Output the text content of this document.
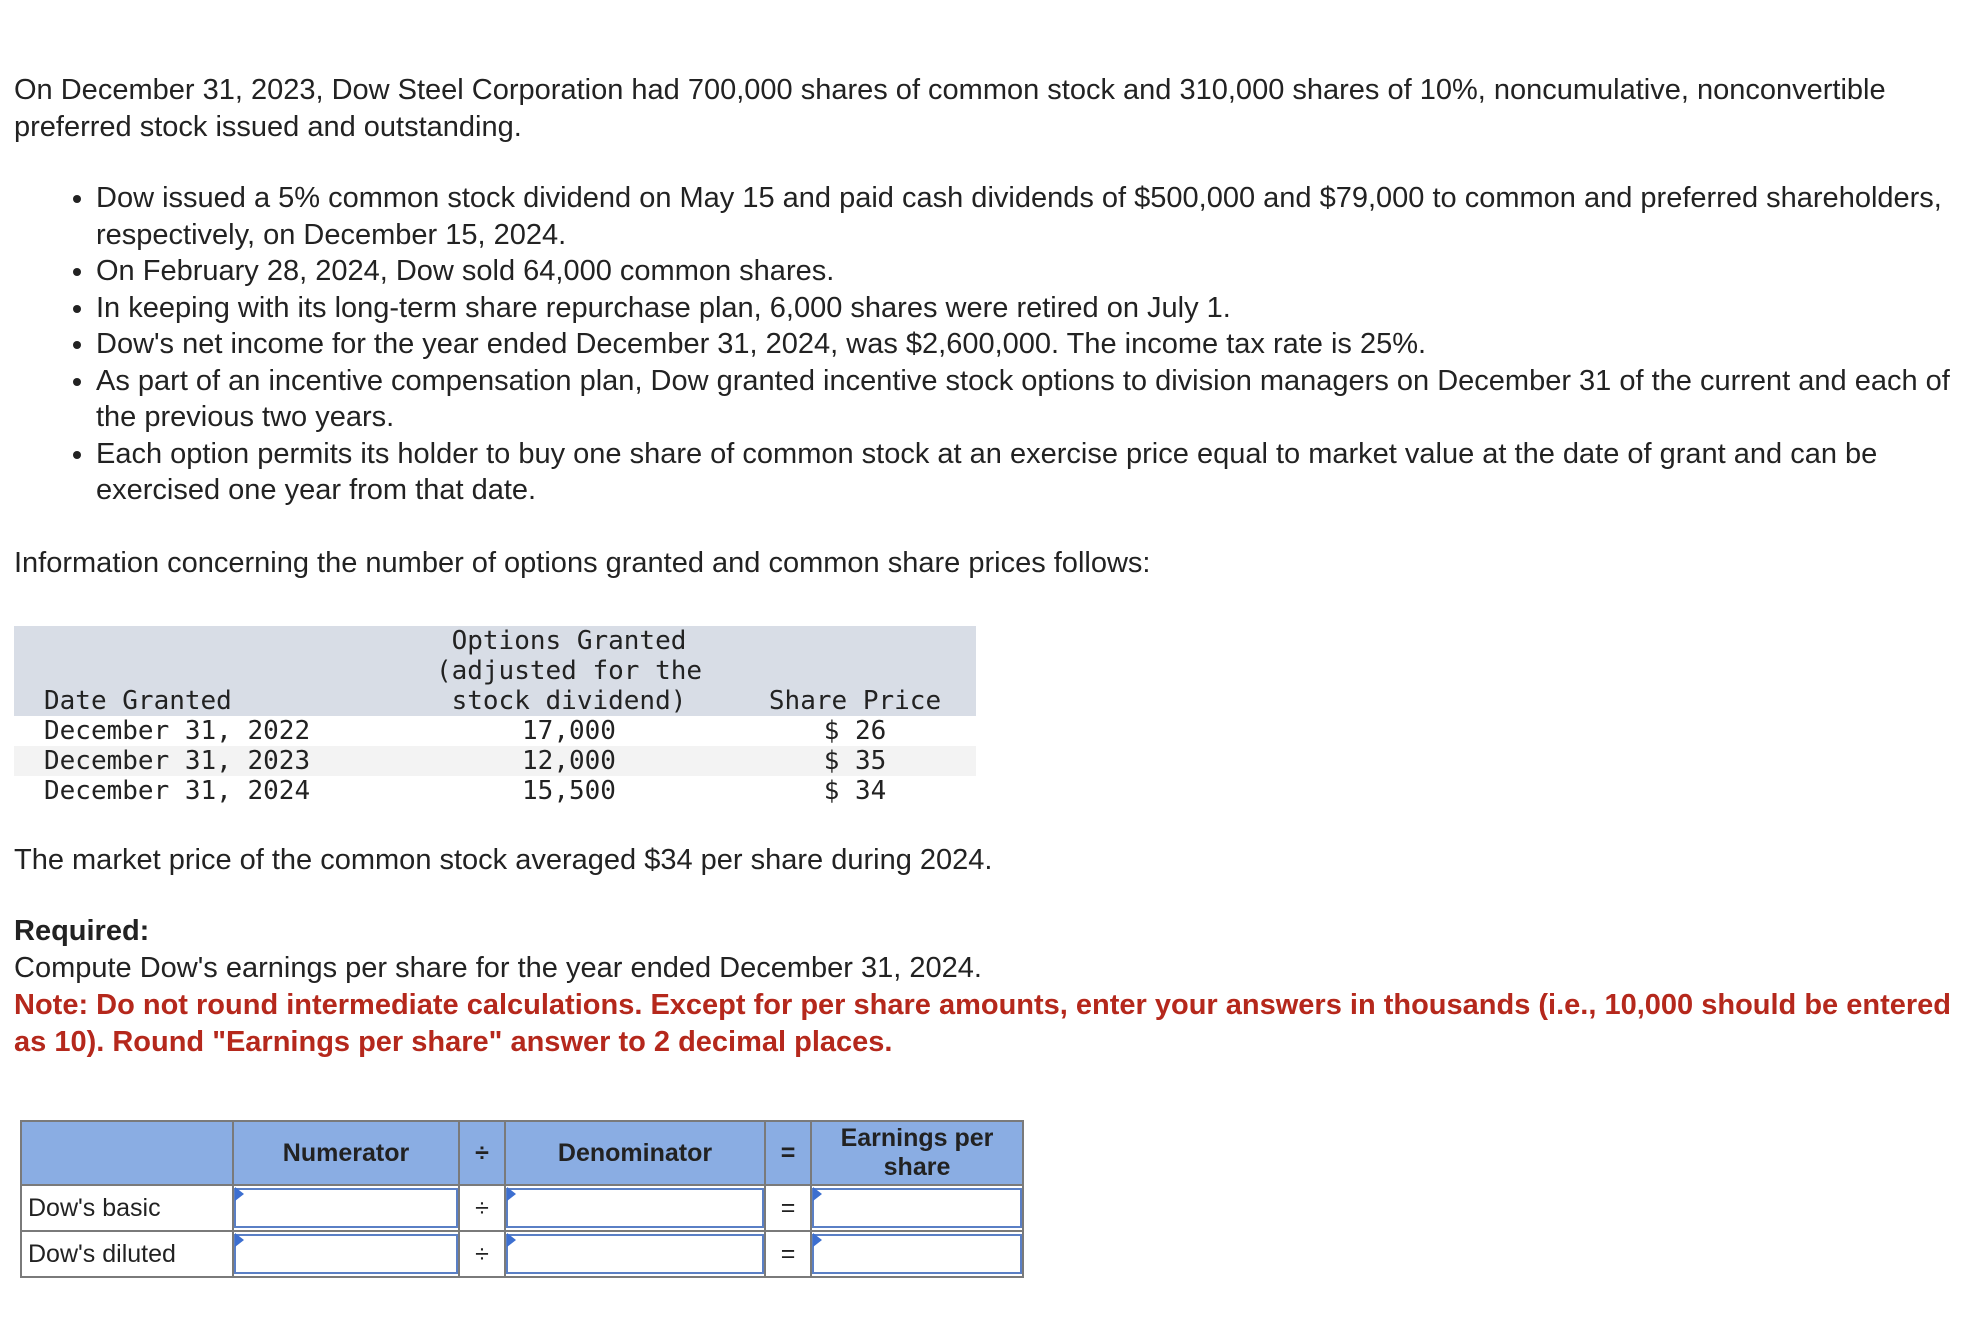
On December 31, 2023, Dow Steel Corporation had 700,000 shares of common stock and 310,000 shares of 10%, noncumulative, nonconvertible preferred stock issued and outstanding.

• Dow issued a 5% common stock dividend on May 15 and paid cash dividends of $500,000 and $79,000 to common and preferred shareholders, respectively, on December 15, 2024.
• On February 28, 2024, Dow sold 64,000 common shares.
• In keeping with its long-term share repurchase plan, 6,000 shares were retired on July 1.
• Dow's net income for the year ended December 31, 2024, was $2,600,000. The income tax rate is 25%.
• As part of an incentive compensation plan, Dow granted incentive stock options to division managers on December 31 of the current and each of the previous two years.
• Each option permits its holder to buy one share of common stock at an exercise price equal to market value at the date of grant and can be exercised one year from that date.

Information concerning the number of options granted and common share prices follows:

Date Granted	Options Granted
(adjusted for the
stock dividend)	Share Price
December 31, 2022	17,000	$ 26
December 31, 2023	12,000	$ 35
December 31, 2024	15,500	$ 34

The market price of the common stock averaged $34 per share during 2024.

Required:
Compute Dow's earnings per share for the year ended December 31, 2024.
Note: Do not round intermediate calculations. Except for per share amounts, enter your answers in thousands (i.e., 10,000 should be entered as 10). Round "Earnings per share" answer to 2 decimal places.
	Numerator	÷	Denominator	=	Earnings per
share

Dow's basic		÷		=	

Dow's diluted		÷		=	
